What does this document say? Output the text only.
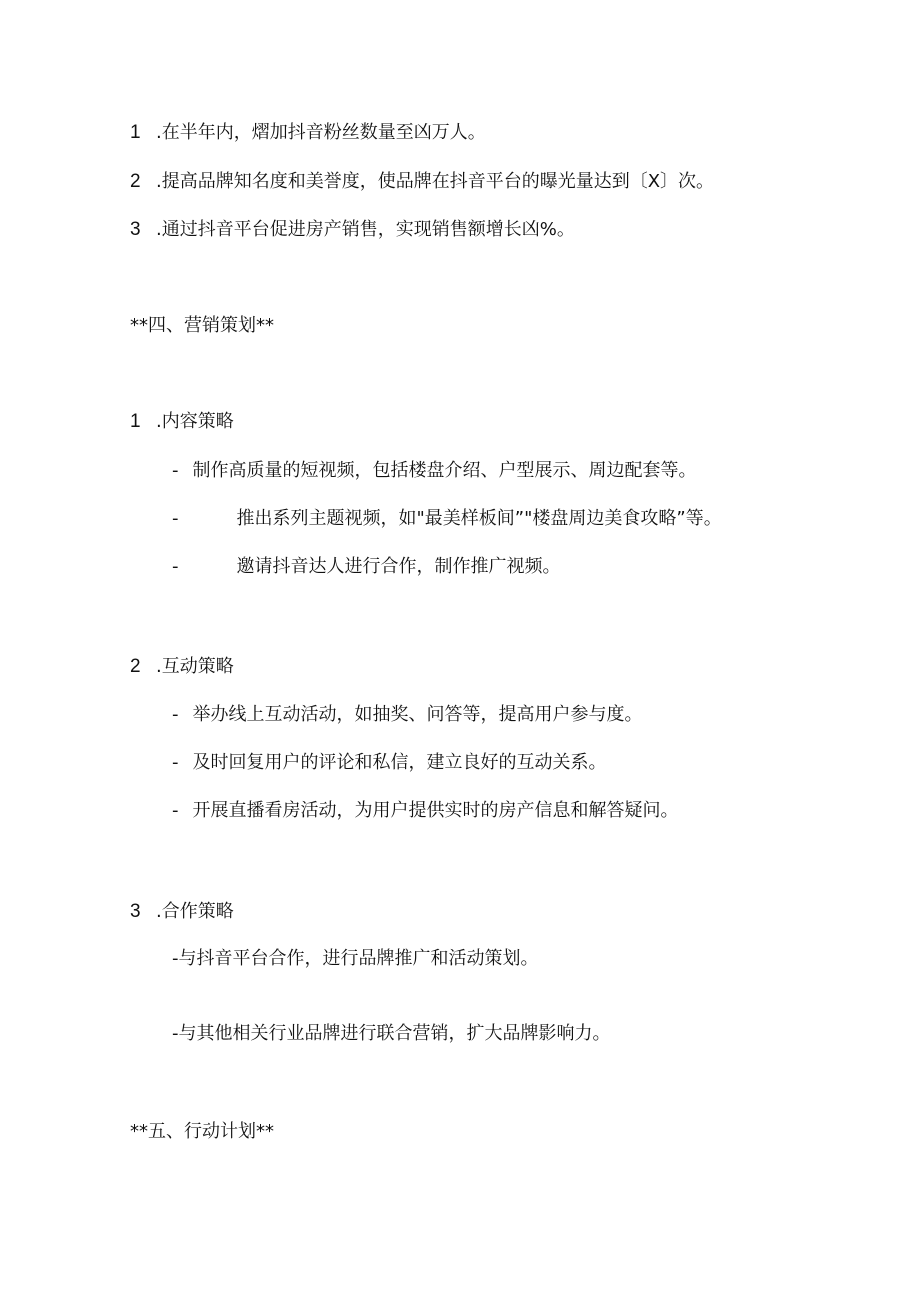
1 .在半年内，熠加抖音粉丝数量至凶万人。
2 .提高品牌知名度和美誉度，使品牌在抖音平台的曝光量达到〔X〕次。
3 .通过抖音平台促进房产销售，实现销售额增长凶%。
**四、营销策划**
1 .内容策略
- 制作高质量的短视频，包括楼盘介绍、户型展示、周边配套等。
-	推出系列主题视频，如"最美样板间”"楼盘周边美食攻略”等。
-	邀请抖音达人进行合作，制作推广视频。
2 .互动策略
- 举办线上互动活动，如抽奖、问答等，提高用户参与度。
- 及时回复用户的评论和私信，建立良好的互动关系。
- 开展直播看房活动，为用户提供实时的房产信息和解答疑问。
3 .合作策略
-与抖音平台合作，进行品牌推广和活动策划。
-与其他相关行业品牌进行联合营销，扩大品牌影响力。
**五、行动计划**
